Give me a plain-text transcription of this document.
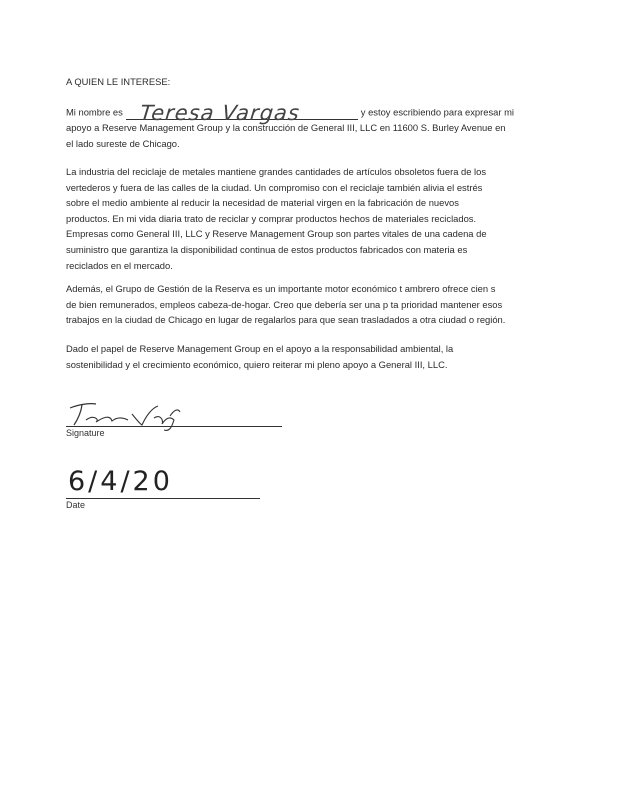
A QUIEN LE INTERESE:
Mi nombre es Teresa Vargas	y estoy escribiendo para expresar mi
apoyo a Reserve Management Group y la construcción de General III, LLC en 11600 S. Burley Avenue en
el lado sureste de Chicago.
La industria del reciclaje de metales mantiene grandes cantidades de artículos obsoletos fuera de los
vertederos y fuera de las calles de la ciudad. Un compromiso con el reciclaje también alivia el estrés
sobre el medio ambiente al reducir la necesidad de material virgen en la fabricación de nuevos
productos. En mi vida diaria trato de reciclar y comprar productos hechos de materiales reciclados.
Empresas como General III, LLC y Reserve Management Group son partes vitales de una cadena de
suministro que garantiza la disponibilidad continua de estos productos fabricados con materia es
reciclados en el mercado.
Además, el Grupo de Gestión de la Reserva es un importante motor económico t ambrero ofrece cien s
de bien remunerados, empleos cabeza-de-hogar. Creo que debería ser una p ta prioridad mantener esos
trabajos en la ciudad de Chicago en lugar de regalarlos para que sean trasladados a otra ciudad o región.
Dado el papel de Reserve Management Group en el apoyo a la responsabilidad ambiental, la
sostenibilidad y el crecimiento económico, quiero reiterar mi pleno apoyo a General III, LLC.
Signature
6/4/20
Date
